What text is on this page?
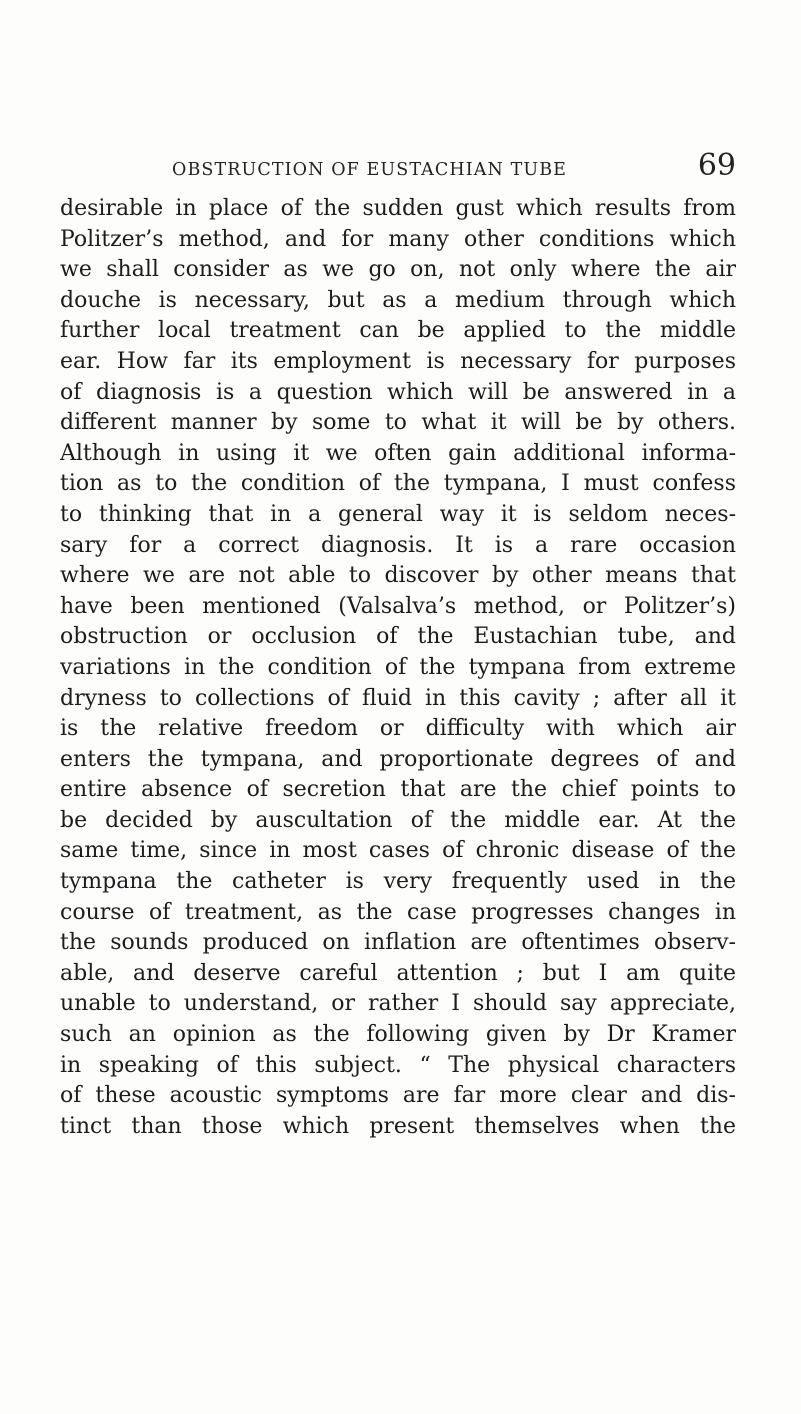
OBSTRUCTION OF EUSTACHIAN TUBE	69
desirable in place of the sudden gust which results from
Politzer’s method, and for many other conditions which
we shall consider as we go on, not only where the air
douche is necessary, but as a medium through which
further local treatment can be applied to the middle
ear. How far its employment is necessary for purposes
of diagnosis is a question which will be answered in a
different manner by some to what it will be by others.
Although in using it we often gain additional informa-
tion as to the condition of the tympana, I must confess
to thinking that in a general way it is seldom neces-
sary for a correct diagnosis. It is a rare occasion
where we are not able to discover by other means that
have been mentioned (Valsalva’s method, or Politzer’s)
obstruction or occlusion of the Eustachian tube, and
variations in the condition of the tympana from extreme
dryness to collections of fluid in this cavity ; after all it
is the relative freedom or difficulty with which air
enters the tympana, and proportionate degrees of and
entire absence of secretion that are the chief points to
be decided by auscultation of the middle ear. At the
same time, since in most cases of chronic disease of the
tympana the catheter is very frequently used in the
course of treatment, as the case progresses changes in
the sounds produced on inflation are oftentimes observ-
able, and deserve careful attention ; but I am quite
unable to understand, or rather I should say appreciate,
such an opinion as the following given by Dr Kramer
in speaking of this subject. “ The physical characters
of these acoustic symptoms are far more clear and dis-
tinct than those which present themselves when the
